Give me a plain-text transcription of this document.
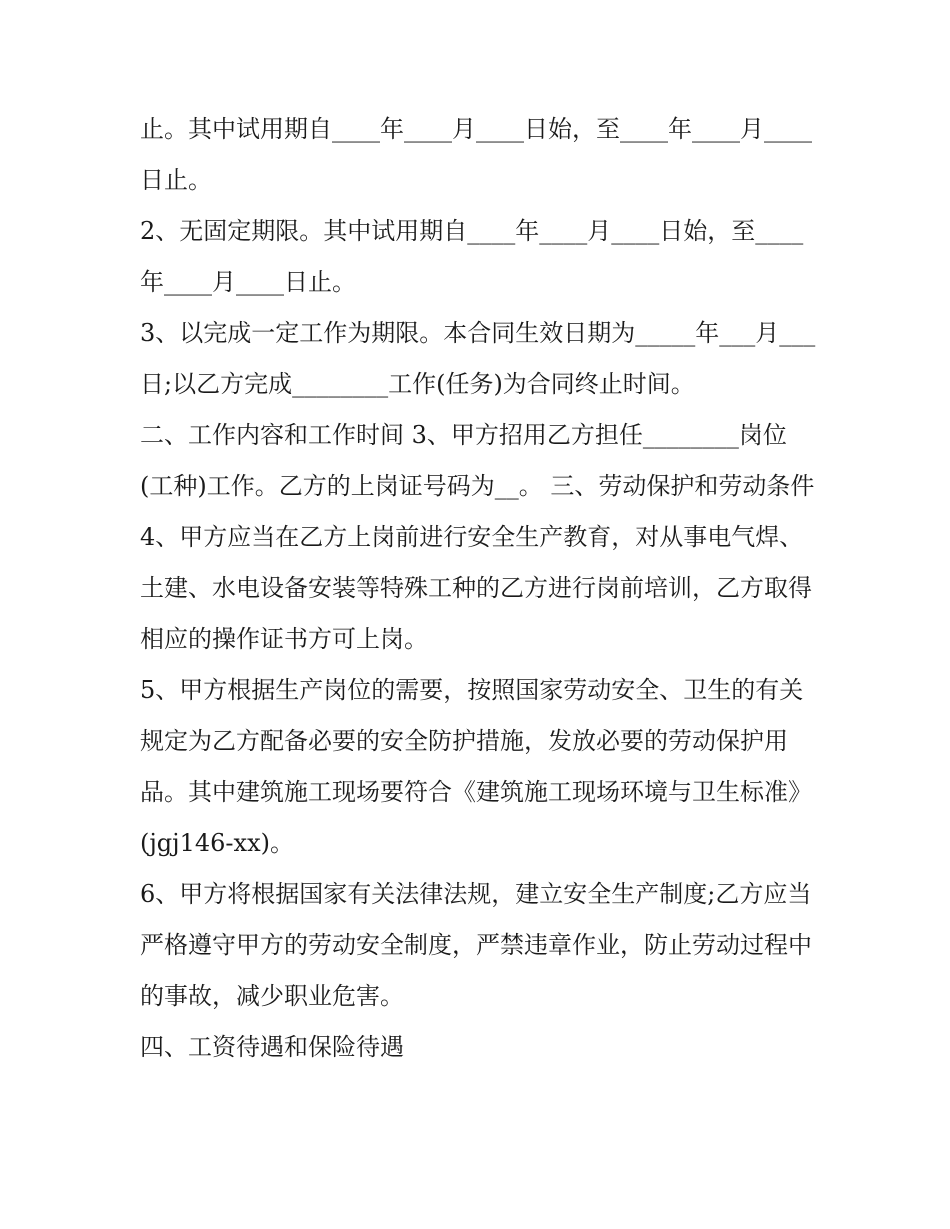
止。其中试用期自____年____月____日始，至____年____月____日止。

2、无固定期限。其中试用期自____年____月____日始，至____年____月____日止。

3、以完成一定工作为期限。本合同生效日期为_____年___月___日;以乙方完成________工作(任务)为合同终止时间。

二、工作内容和工作时间 3、甲方招用乙方担任________岗位(工种)工作。乙方的上岗证号码为__。 三、劳动保护和劳动条件

4、甲方应当在乙方上岗前进行安全生产教育，对从事电气焊、土建、水电设备安装等特殊工种的乙方进行岗前培训，乙方取得相应的操作证书方可上岗。

5、甲方根据生产岗位的需要，按照国家劳动安全、卫生的有关规定为乙方配备必要的安全防护措施，发放必要的劳动保护用品。其中建筑施工现场要符合《建筑施工现场环境与卫生标准》(jgj146-xx)。

6、甲方将根据国家有关法律法规，建立安全生产制度;乙方应当严格遵守甲方的劳动安全制度，严禁违章作业，防止劳动过程中的事故，减少职业危害。

四、工资待遇和保险待遇
